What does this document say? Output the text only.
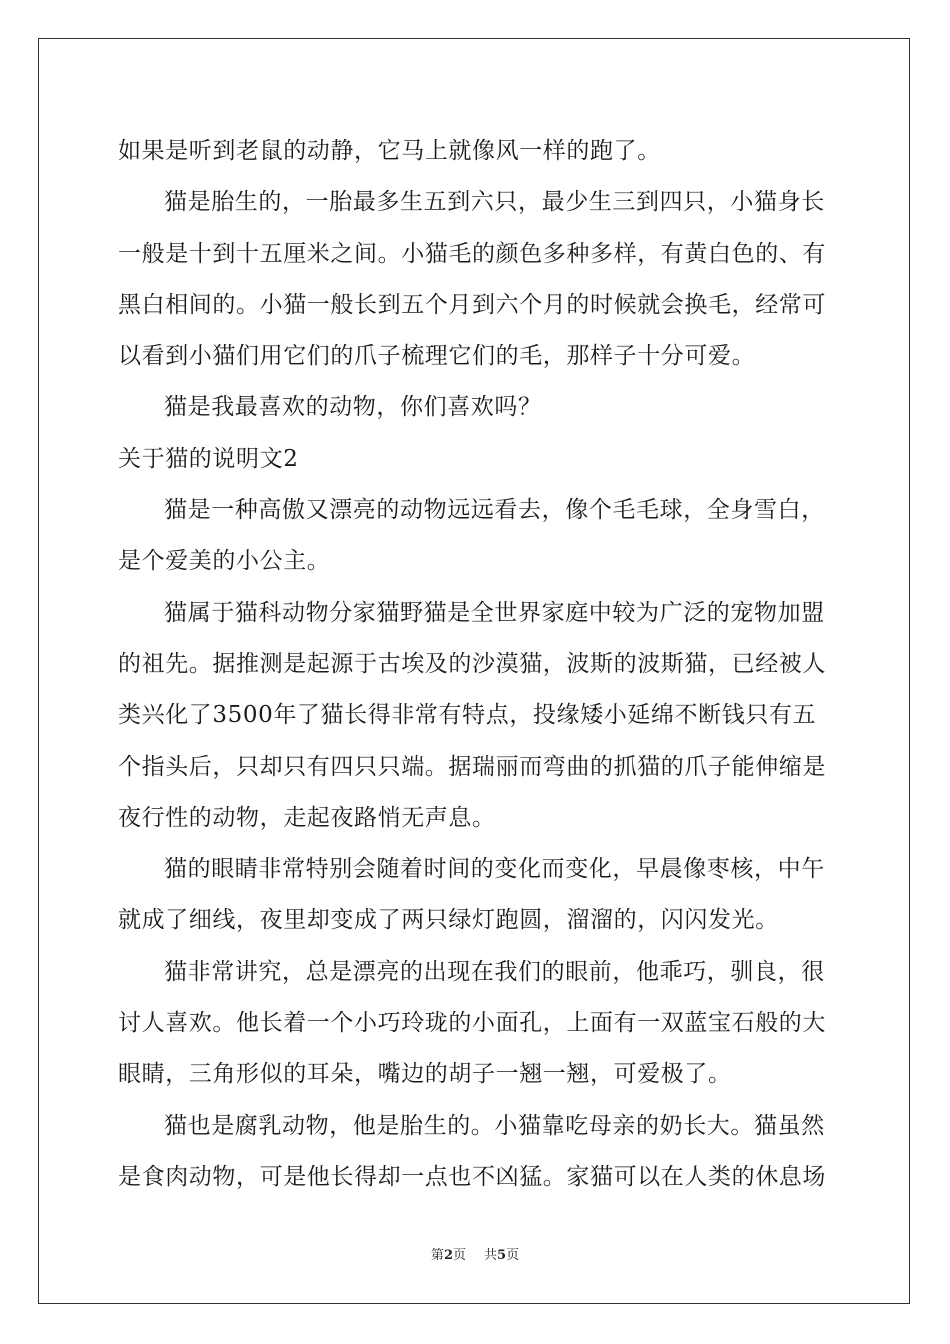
如果是听到老鼠的动静，它马上就像风一样的跑了。
猫是胎生的，一胎最多生五到六只，最少生三到四只，小猫身长
一般是十到十五厘米之间。小猫毛的颜色多种多样，有黄白色的、有
黑白相间的。小猫一般长到五个月到六个月的时候就会换毛，经常可
以看到小猫们用它们的爪子梳理它们的毛，那样子十分可爱。
猫是我最喜欢的动物，你们喜欢吗？
关于猫的说明文2
猫是一种高傲又漂亮的动物远远看去，像个毛毛球，全身雪白，
是个爱美的小公主。
猫属于猫科动物分家猫野猫是全世界家庭中较为广泛的宠物加盟
的祖先。据推测是起源于古埃及的沙漠猫，波斯的波斯猫，已经被人
类兴化了3500年了猫长得非常有特点，投缘矮小延绵不断钱只有五
个指头后，只却只有四只只端。据瑞丽而弯曲的抓猫的爪子能伸缩是
夜行性的动物，走起夜路悄无声息。
猫的眼睛非常特别会随着时间的变化而变化，早晨像枣核，中午
就成了细线，夜里却变成了两只绿灯跑圆，溜溜的，闪闪发光。
猫非常讲究，总是漂亮的出现在我们的眼前，他乖巧，驯良，很
讨人喜欢。他长着一个小巧玲珑的小面孔，上面有一双蓝宝石般的大
眼睛，三角形似的耳朵，嘴边的胡子一翘一翘，可爱极了。
猫也是腐乳动物，他是胎生的。小猫靠吃母亲的奶长大。猫虽然
是食肉动物，可是他长得却一点也不凶猛。家猫可以在人类的休息场
第2页 共5页
